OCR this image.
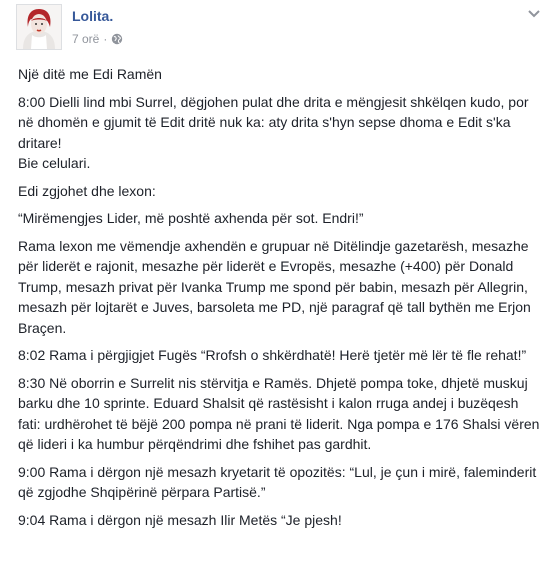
Lolita.
7 orë ·

Një ditë me Edi Ramën

8:00 Dielli lind mbi Surrel, dëgjohen pulat dhe drita e mëngjesit shkëlqen kudo, por në dhomën e gjumit të Edit dritë nuk ka: aty drita s'hyn sepse dhoma e Edit s'ka dritare!

Bie celulari.

Edi zgjohet dhe lexon:

“Mirëmengjes Lider, më poshtë axhenda për sot. Endri!”

Rama lexon me vëmendje axhendën e grupuar në Ditëlindje gazetarësh, mesazhe për liderët e rajonit, mesazhe për liderët e Evropës, mesazhe (+400) për Donald Trump, mesazh privat për Ivanka Trump me spond për babin, mesazh për Allegrin, mesazh për lojtarët e Juves, barsoleta me PD, një paragraf që tall bythën me Erjon Braçen.

8:02 Rama i përgjigjet Fugës “Rrofsh o shkërdhatë! Herë tjetër më lër të fle rehat!”

8:30 Në oborrin e Surrelit nis stërvitja e Ramës. Dhjetë pompa toke, dhjetë muskuj barku dhe 10 sprinte. Eduard Shalsit që rastësisht i kalon rruga andej i buzëqesh fati: urdhërohet të bëjë 200 pompa në prani të liderit. Nga pompa e 176 Shalsi vëren që lideri i ka humbur përqëndrimi dhe fshihet pas gardhit.

9:00 Rama i dërgon një mesazh kryetarit të opozitës: “Lul, je çun i mirë, faleminderit që zgjodhe Shqipërinë përpara Partisë.”

9:04 Rama i dërgon një mesazh Ilir Metës “Je pjesh!
